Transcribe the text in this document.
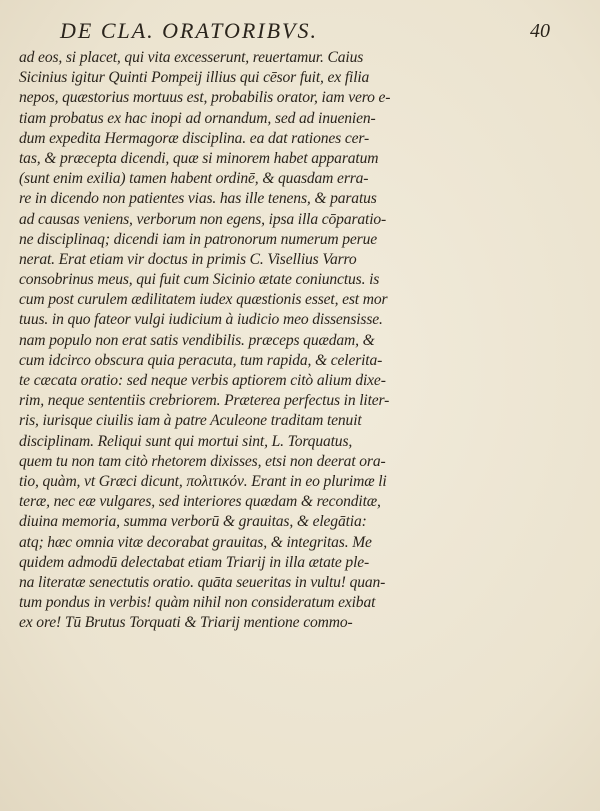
DE CLA. ORATORIBVS.	40
ad eos, si placet, qui vita excesserunt, reuertamur. Caius
Sicinius igitur Quinti Pompeij illius qui cēsor fuit, ex filia
nepos, quæstorius mortuus est, probabilis orator, iam vero e-
tiam probatus ex hac inopi ad ornandum, sed ad inuenien-
dum expedita Hermagoræ disciplina. ea dat rationes cer-
tas, & præcepta dicendi, quæ si minorem habet apparatum
(sunt enim exilia) tamen habent ordinē, & quasdam erra-
re in dicendo non patientes vias. has ille tenens, & paratus
ad causas veniens, verborum non egens, ipsa illa cōparatio-
ne disciplinaq; dicendi iam in patronorum numerum perue
nerat. Erat etiam vir doctus in primis C. Visellius Varro
consobrinus meus, qui fuit cum Sicinio ætate coniunctus. is
cum post curulem ædilitatem iudex quæstionis esset, est mor
tuus. in quo fateor vulgi iudicium à iudicio meo dissensisse.
nam populo non erat satis vendibilis. præceps quædam, &
cum idcirco obscura quia peracuta, tum rapida, & celerita-
te cæcata oratio: sed neque verbis aptiorem citò alium dixe-
rim, neque sententiis crebriorem. Præterea perfectus in liter-
ris, iurisque ciuilis iam à patre Aculeone traditam tenuit
disciplinam. Reliqui sunt qui mortui sint, L. Torquatus,
quem tu non tam citò rhetorem dixisses, etsi non deerat ora-
tio, quàm, vt Græci dicunt, πολιτικόν. Erant in eo plurimæ li
teræ, nec eæ vulgares, sed interiores quædam & reconditæ,
diuina memoria, summa verborū & grauitas, & elegātia:
atq; hæc omnia vitæ decorabat grauitas, & integritas. Me
quidem admodū delectabat etiam Triarij in illa ætate ple-
na literatæ senectutis oratio. quāta seueritas in vultu! quan-
tum pondus in verbis! quàm nihil non consideratum exibat
ex ore! Tū Brutus Torquati & Triarij mentione commo-
